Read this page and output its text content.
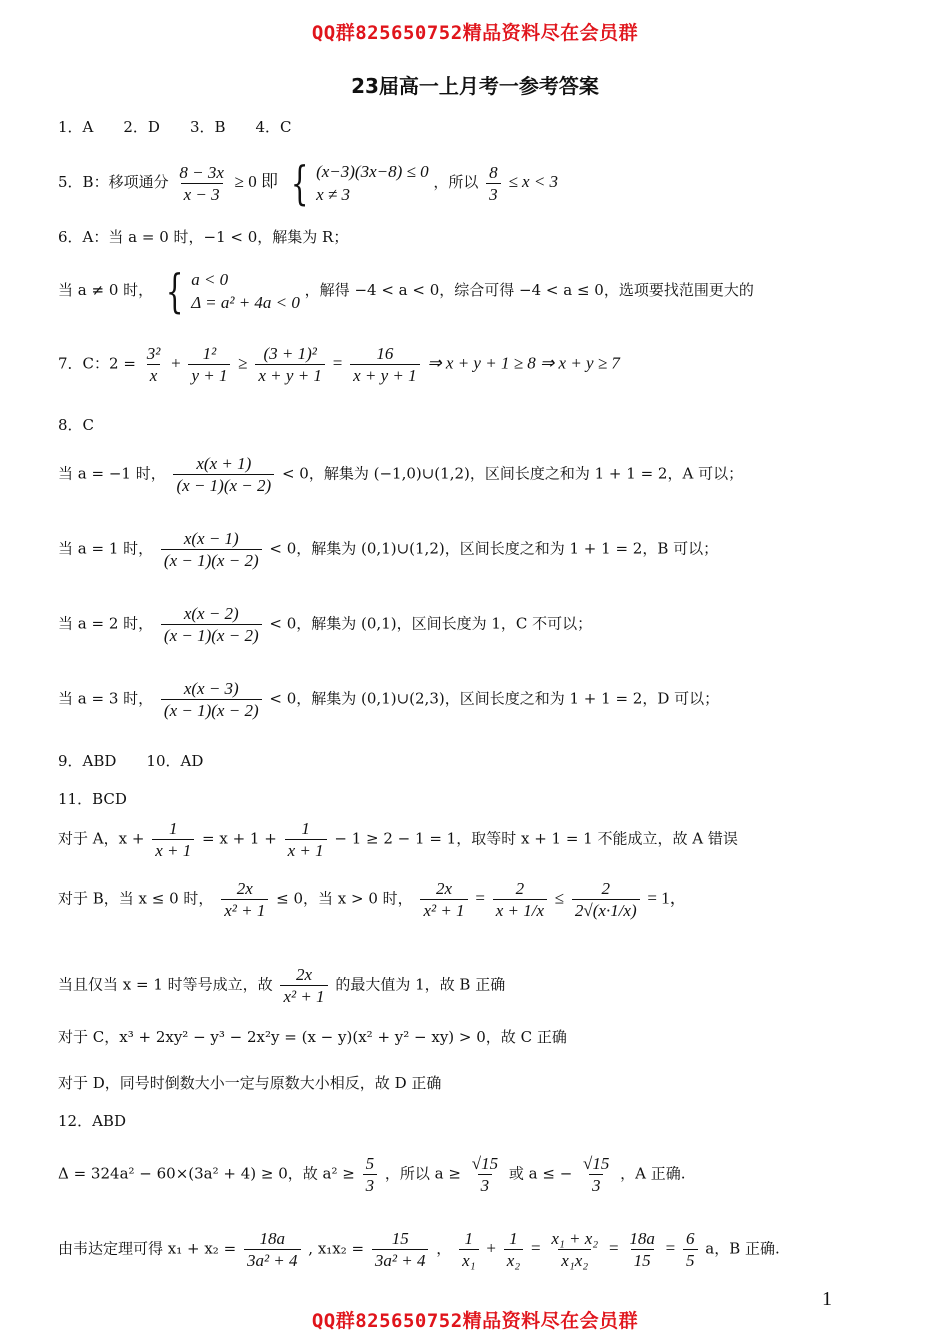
QQ群825650752精品资料尽在会员群
23届高一上月考一参考答案
1．A　　2．D　　3．B　　4．C
5．B：移项通分 $\frac{8 - 3x}{x - 3} \ge 0$ 即 { (x−3)(3x−8) ≤ 0
x ≠ 3
，所以 $\frac{8}{3} \le x < 3$
6．A：当 a = 0 时，−1 < 0，解集为 R；
当 a ≠ 0 时， { a < 0
Δ = a² + 4a < 0
，解得 −4 < a < 0，综合可得 −4 < a ≤ 0，选项要找范围更大的
7．C：$2 = \frac{\text{3²}}{x} + \frac{\text{1²}}{y + 1} \ge \frac{\text{(3 + 1)²}}{x + y + 1} = \frac{16}{x + y + 1}$ ⇒ x + y + 1 ≥ 8 ⇒ x + y ≥ 7
8．C
当 a = −1 时， $\frac{x(x + 1)}{(x - 1)(x - 2)} < 0$，解集为 (−1,0)∪(1,2)，区间长度之和为 1 + 1 = 2，A 可以；
当 a = 1 时， $\frac{x(x - 1)}{(x - 1)(x - 2)} < 0$，解集为 (0,1)∪(1,2)，区间长度之和为 1 + 1 = 2，B 可以；
当 a = 2 时， $\frac{x(x - 2)}{(x - 1)(x - 2)} < 0$，解集为 (0,1)，区间长度为 1，C 不可以；
当 a = 3 时， $\frac{x(x - 3)}{(x - 1)(x - 2)} < 0$，解集为 (0,1)∪(2,3)，区间长度之和为 1 + 1 = 2，D 可以；
9．ABD　　10．AD
11．BCD
对于 A，$x + \frac{1}{x + 1} = x + 1 + \frac{1}{x + 1} - 1 \ge 2 - 1 = 1$，取等时 x + 1 = 1 不能成立，故 A 错误
对于 B，当 x ≤ 0 时， $\frac{2x}{\text{x² + 1}} \le 0$，当 x > 0 时， $\frac{2x}{\text{x² + 1}} = \frac{2}{x + 1/x} \le \frac{2}{2√(x\cdot 1/x)} = 1$，
当且仅当 x = 1 时等号成立，故 $\frac{2x}{\text{x² + 1}}$ 的最大值为 1，故 B 正确
对于 C，x³ + 2xy² − y³ − 2x²y = (x − y)(x² + y² − xy) > 0，故 C 正确
对于 D，同号时倒数大小一定与原数大小相反，故 D 正确
12．ABD
Δ = 324a² − 60×(3a² + 4) ≥ 0，故 $a^2 \ge \frac{5}{3}$ ，所以 $a \ge \frac{√15}{3}$ 或 a ≤ − $\frac{√15}{3}$ ，A 正确.
由韦达定理可得 $x_1 + x_2 = \frac{18a}{\text{3a² + 4}}$ , $x_1x_2 = \frac{15}{\text{3a² + 4}}$ ， $\frac{1}{\text{x₁}} + \frac{1}{\text{x₂}} = \frac{\text{x₁ + x₂}}{\text{x₁x₂}} = \frac{18a}{15} = \frac{6}{5}$ a，B 正确.
1
QQ群825650752精品资料尽在会员群
